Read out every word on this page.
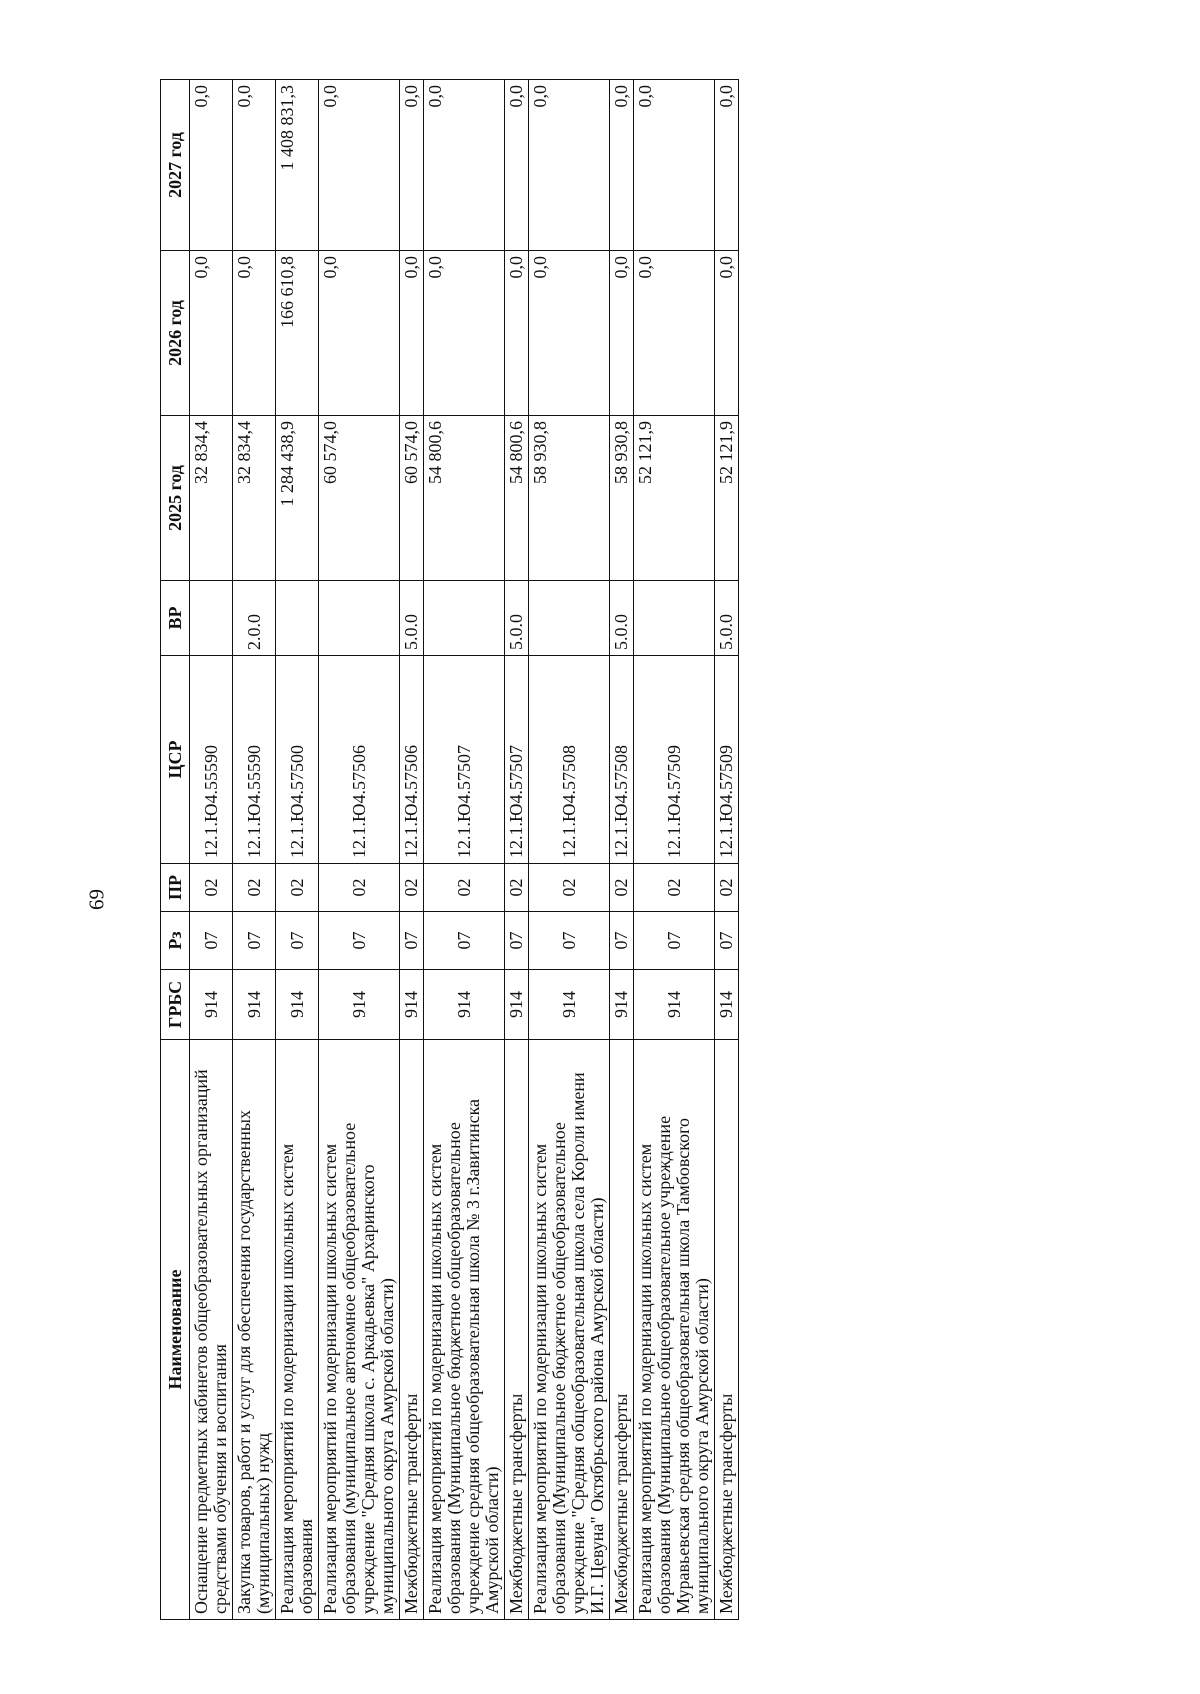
69
Наименование	ГРБС	Рз	ПР	ЦСР	ВР	2025 год	2026 год	2027 год
Оснащение предметных кабинетов общеобразовательных организаций средствами обучения и воспитания	914	07	02	12.1.Ю4.55590		32 834,4	0,0	0,0
Закупка товаров, работ и услуг для обеспечения государственных (муниципальных) нужд	914	07	02	12.1.Ю4.55590	2.0.0	32 834,4	0,0	0,0
Реализация мероприятий по модернизации школьных систем образования	914	07	02	12.1.Ю4.57500		1 284 438,9	166 610,8	1 408 831,3
Реализация мероприятий по модернизации школьных систем образования (муниципальное автономное общеобразовательное учреждение "Средняя школа с. Аркадьевка" Архаринского муниципального округа Амурской области)	914	07	02	12.1.Ю4.57506		60 574,0	0,0	0,0
Межбюджетные трансферты	914	07	02	12.1.Ю4.57506	5.0.0	60 574,0	0,0	0,0
Реализация мероприятий по модернизации школьных систем образования (Муниципальное бюджетное общеобразовательное учреждение средняя общеобразовательная школа № 3 г.Завитинска Амурской области)	914	07	02	12.1.Ю4.57507		54 800,6	0,0	0,0
Межбюджетные трансферты	914	07	02	12.1.Ю4.57507	5.0.0	54 800,6	0,0	0,0
Реализация мероприятий по модернизации школьных систем образования (Муниципальное бюджетное общеобразовательное учреждение "Средняя общеобразовательная школа села Короли имени И.Г. Цевуна" Октябрьского района Амурской области)	914	07	02	12.1.Ю4.57508		58 930,8	0,0	0,0
Межбюджетные трансферты	914	07	02	12.1.Ю4.57508	5.0.0	58 930,8	0,0	0,0
Реализация мероприятий по модернизации школьных систем образования (Муниципальное общеобразовательное учреждение Муравьевская средняя общеобразовательная школа Тамбовского муниципального округа Амурской области)	914	07	02	12.1.Ю4.57509		52 121,9	0,0	0,0
Межбюджетные трансферты	914	07	02	12.1.Ю4.57509	5.0.0	52 121,9	0,0	0,0
